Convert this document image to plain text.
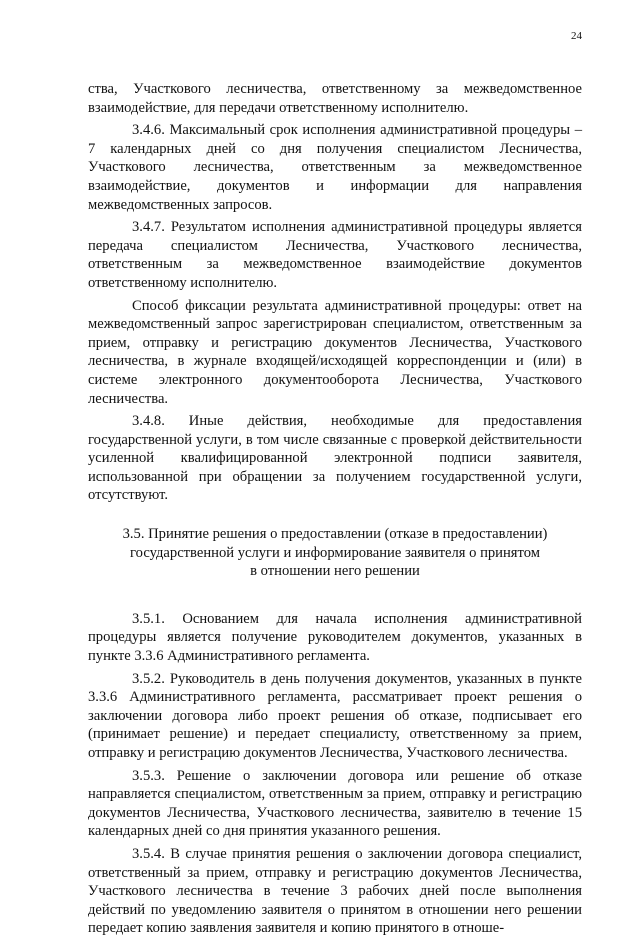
24

ства, Участкового лесничества, ответственному за межведомственное взаимодействие, для передачи ответственному исполнителю.

3.4.6. Максимальный срок исполнения административной процедуры – 7 календарных дней со дня получения специалистом Лесничества, Участкового лесничества, ответственным за межведомственное взаимодействие, документов и информации для направления межведомственных запросов.

3.4.7. Результатом исполнения административной процедуры является передача специалистом Лесничества, Участкового лесничества, ответственным за межведомственное взаимодействие документов ответственному исполнителю.

Способ фиксации результата административной процедуры: ответ на межведомственный запрос зарегистрирован специалистом, ответственным за прием, отправку и регистрацию документов Лесничества, Участкового лесничества, в журнале входящей/исходящей корреспонденции и (или) в системе электронного документооборота Лесничества, Участкового лесничества.

3.4.8. Иные действия, необходимые для предоставления государственной услуги, в том числе связанные с проверкой действительности усиленной квалифицированной электронной подписи заявителя, использованной при обращении за получением государственной услуги, отсутствуют.

3.5. Принятие решения о предоставлении (отказе в предоставлении)
государственной услуги и информирование заявителя о принятом
в отношении него решении

3.5.1. Основанием для начала исполнения административной процедуры является получение руководителем документов, указанных в пункте 3.3.6 Административного регламента.

3.5.2. Руководитель в день получения документов, указанных в пункте 3.3.6 Административного регламента, рассматривает проект решения о заключении договора либо проект решения об отказе, подписывает его (принимает решение) и передает специалисту, ответственному за прием, отправку и регистрацию документов Лесничества, Участкового лесничества.

3.5.3. Решение о заключении договора или решение об отказе направляется специалистом, ответственным за прием, отправку и регистрацию документов Лесничества, Участкового лесничества, заявителю в течение 15 календарных дней со дня принятия указанного решения.

3.5.4. В случае принятия решения о заключении договора специалист, ответственный за прием, отправку и регистрацию документов Лесничества, Участкового лесничества в течение 3 рабочих дней после выполнения действий по уведомлению заявителя о принятом в отношении него решении передает копию заявления заявителя и копию принятого в отноше-
